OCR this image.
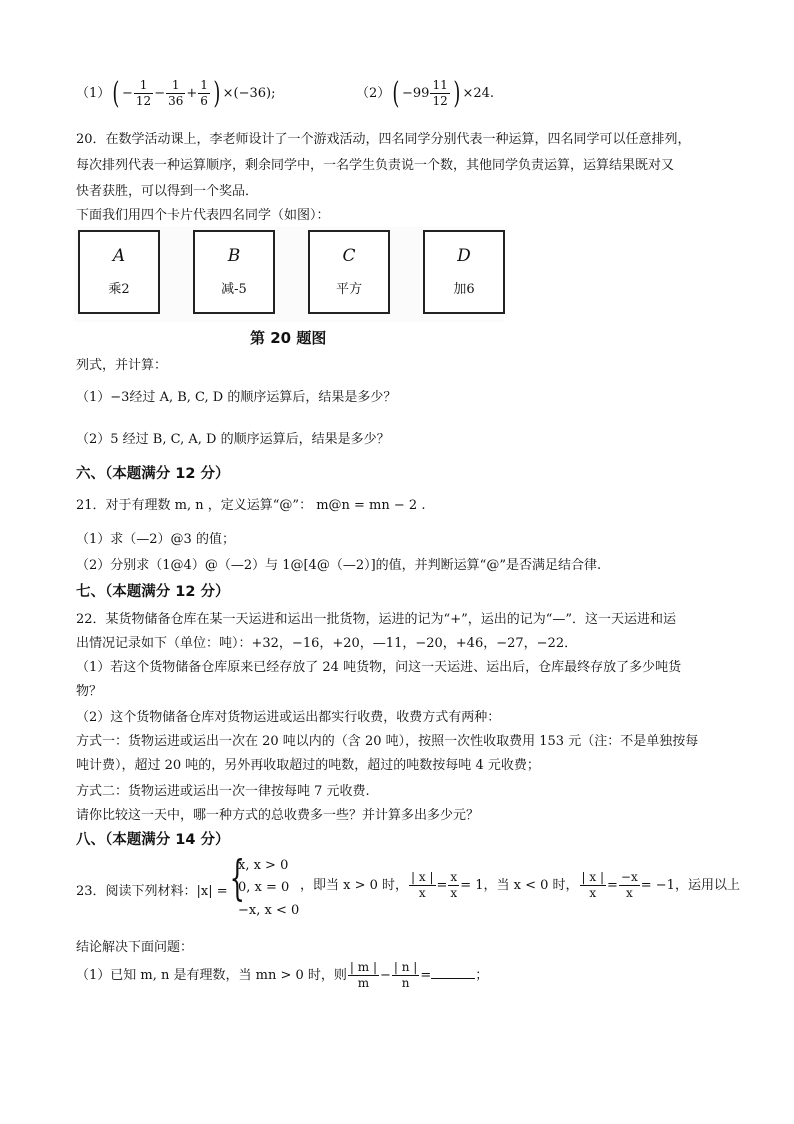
$(1)( - \frac{1}{12} - \frac{1}{36} + \frac{1}{6}$ ) ×(−36);	$(2)( -99 \frac{11}{12}$ ) ×24.
20．在数学活动课上，李老师设计了一个游戏活动，四名同学分别代表一种运算，四名同学可以任意排列，
每次排列代表一种运算顺序，剩余同学中，一名学生负责说一个数，其他同学负责运算，运算结果既对又
快者获胜，可以得到一个奖品．
下面我们用四个卡片代表四名同学（如图）：
A
乘2
B
减-5
C
平方
D
加6
第 20 题图
列式，并计算：
（1）−3经过 A, B, C, D 的顺序运算后，结果是多少？
（2）5 经过 B, C, A, D 的顺序运算后，结果是多少？
六、（本题满分 12 分）
21．对于有理数 m, n ，定义运算“@”： m@n = mn − 2 .
（1）求（—2）@3 的值；
（2）分别求（1@4）@（—2）与 1@[4@（—2）]的值，并判断运算“@”是否满足结合律.
七、（本题满分 12 分）
22．某货物储备仓库在某一天运进和运出一批货物，运进的记为“+”，运出的记为“—”．这一天运进和运
出情况记录如下（单位：吨）：+32，−16，+20，—11，−20，+46，−27，−22．
（1）若这个货物储备仓库原来已经存放了 24 吨货物，问这一天运进、运出后，仓库最终存放了多少吨货
物？
（2）这个货物储备仓库对货物运进或运出都实行收费，收费方式有两种：
方式一：货物运进或运出一次在 20 吨以内的（含 20 吨），按照一次性收取费用 153 元（注：不是单独按每
吨计费），超过 20 吨的，另外再收取超过的吨数，超过的吨数按每吨 4 元收费；
方式二：货物运进或运出一次一律按每吨 7 元收费.
请你比较这一天中，哪一种方式的总收费多一些？并计算多出多少元？
八、（本题满分 14 分）
23．阅读下列材料：|x| = {
x, x > 0
0, x = 0
−x, x < 0
，即当 x > 0 时， $\frac{| x |}{x} = \frac{x}{x} = 1$，当 x < 0 时， $\frac{| x |}{x} = \frac{-x}{x} = -1$，运用以上
结论解决下面问题：
（1）已知 m, n 是有理数，当 mn > 0 时，则 $\frac{| m |}{m} - \frac{| n |}{n}$ =	；
